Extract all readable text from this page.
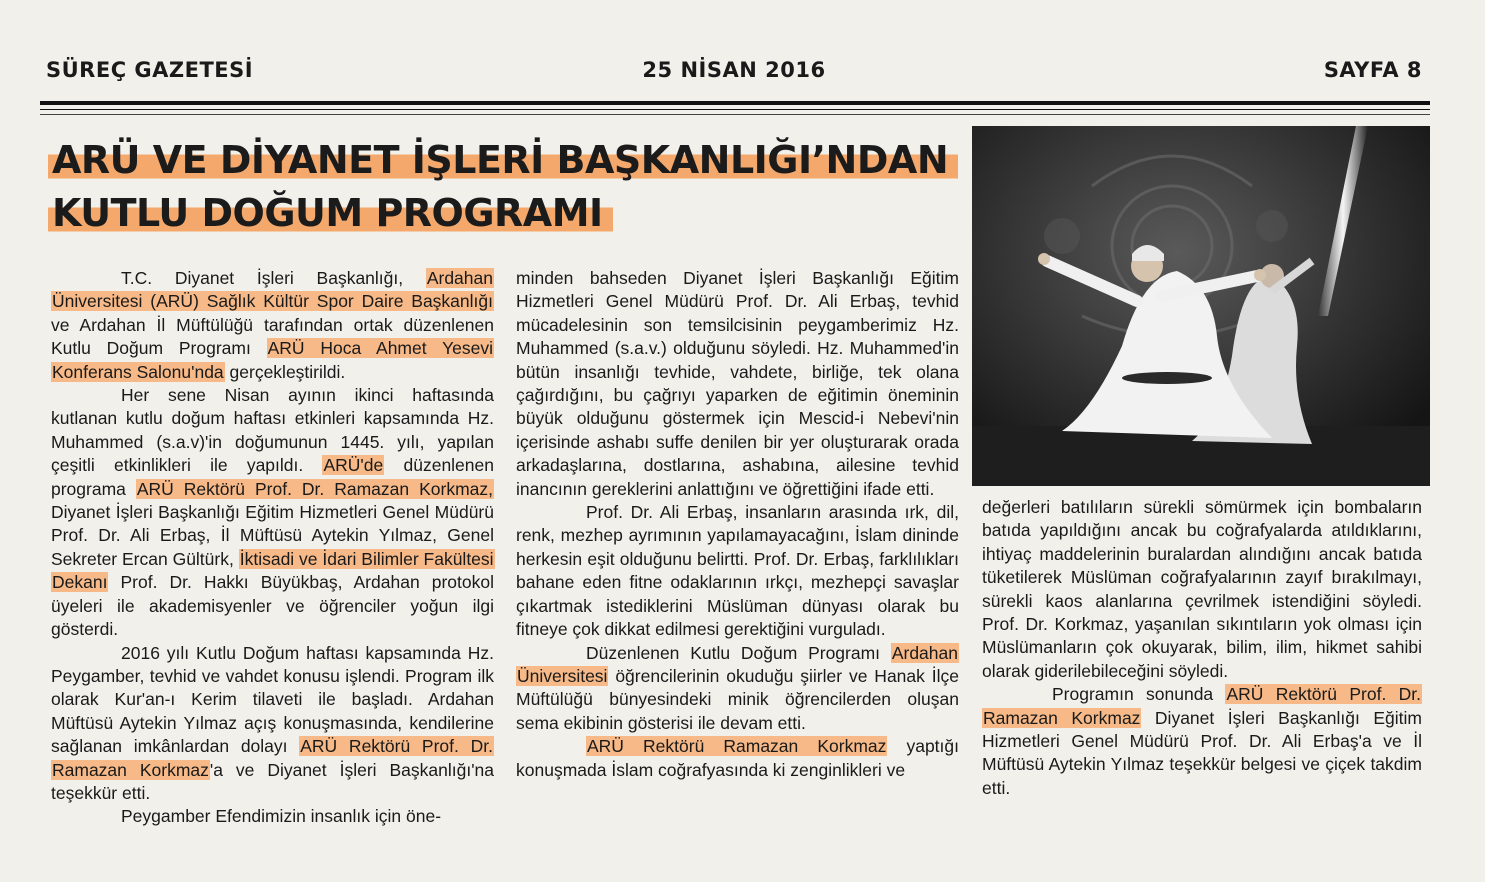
SÜREÇ GAZETESİ	25 NİSAN 2016	SAYFA 8
ARÜ VE DİYANET İŞLERİ BAŞKANLIĞI’NDAN
KUTLU DOĞUM PROGRAMI

T.C. Diyanet İşleri Başkanlığı, Ardahan Üniversitesi (ARÜ) Sağlık Kültür Spor Daire Başkanlığı ve Ardahan İl Müftülüğü tarafından ortak düzenlenen Kutlu Doğum Programı ARÜ Hoca Ahmet Yesevi Konferans Salonu'nda gerçekleştirildi.

Her sene Nisan ayının ikinci haftasında kutlanan kutlu doğum haftası etkinleri kapsamında Hz. Muhammed (s.a.v)'in doğumunun 1445. yılı, yapılan çeşitli etkinlikleri ile yapıldı. ARÜ'de düzenlenen programa ARÜ Rektörü Prof. Dr. Ramazan Korkmaz, Diyanet İşleri Başkanlığı Eğitim Hizmetleri Genel Müdürü Prof. Dr. Ali Erbaş, İl Müftüsü Aytekin Yılmaz, Genel Sekreter Ercan Gültürk, İktisadi ve İdari Bilimler Fakültesi Dekanı Prof. Dr. Hakkı Büyükbaş, Ardahan protokol üyeleri ile akademisyenler ve öğrenciler yoğun ilgi gösterdi.

2016 yılı Kutlu Doğum haftası kapsamında Hz. Peygamber, tevhid ve vahdet konusu işlendi. Program ilk olarak Kur'an-ı Kerim tilaveti ile başladı. Ardahan Müftüsü Aytekin Yılmaz açış konuşmasında, kendilerine sağlanan imkânlardan dolayı ARÜ Rektörü Prof. Dr. Ramazan Korkmaz'a ve Diyanet İşleri Başkanlığı'na teşekkür etti.

Peygamber Efendimizin insanlık için öne-

minden bahseden Diyanet İşleri Başkanlığı Eğitim Hizmetleri Genel Müdürü Prof. Dr. Ali Erbaş, tevhid mücadelesinin son temsilcisinin peygamberimiz Hz. Muhammed (s.a.v.) olduğunu söyledi. Hz. Muhammed'in bütün insanlığı tevhide, vahdete, birliğe, tek olana çağırdığını, bu çağrıyı yaparken de eğitimin öneminin büyük olduğunu göstermek için Mescid-i Nebevi'nin içerisinde ashabı suffe denilen bir yer oluşturarak orada arkadaşlarına, dostlarına, ashabına, ailesine tevhid inancının gereklerini anlattığını ve öğrettiğini ifade etti.

Prof. Dr. Ali Erbaş, insanların arasında ırk, dil, renk, mezhep ayrımının yapılamayacağını, İslam dininde herkesin eşit olduğunu belirtti. Prof. Dr. Erbaş, farklılıkları bahane eden fitne odaklarının ırkçı, mezhepçi savaşlar çıkartmak istediklerini Müslüman dünyası olarak bu fitneye çok dikkat edilmesi gerektiğini vurguladı.

Düzenlenen Kutlu Doğum Programı Ardahan Üniversitesi öğrencilerinin okuduğu şiirler ve Hanak İlçe Müftülüğü bünyesindeki minik öğrencilerden oluşan sema ekibinin gösterisi ile devam etti.

ARÜ Rektörü Ramazan Korkmaz yaptığı konuşmada İslam coğrafyasında ki zenginlikleri ve

değerleri batılıların sürekli sömürmek için bombaların batıda yapıldığını ancak bu coğrafyalarda atıldıklarını, ihtiyaç maddelerinin buralardan alındığını ancak batıda tüketilerek Müslüman coğrafyalarının zayıf bırakılmayı, sürekli kaos alanlarına çevrilmek istendiğini söyledi. Prof. Dr. Korkmaz, yaşanılan sıkıntıların yok olması için Müslümanların çok okuyarak, bilim, ilim, hikmet sahibi olarak giderilebileceğini söyledi.

Programın sonunda ARÜ Rektörü Prof. Dr. Ramazan Korkmaz Diyanet İşleri Başkanlığı Eğitim Hizmetleri Genel Müdürü Prof. Dr. Ali Erbaş'a ve İl Müftüsü Aytekin Yılmaz teşekkür belgesi ve çiçek takdim etti.
